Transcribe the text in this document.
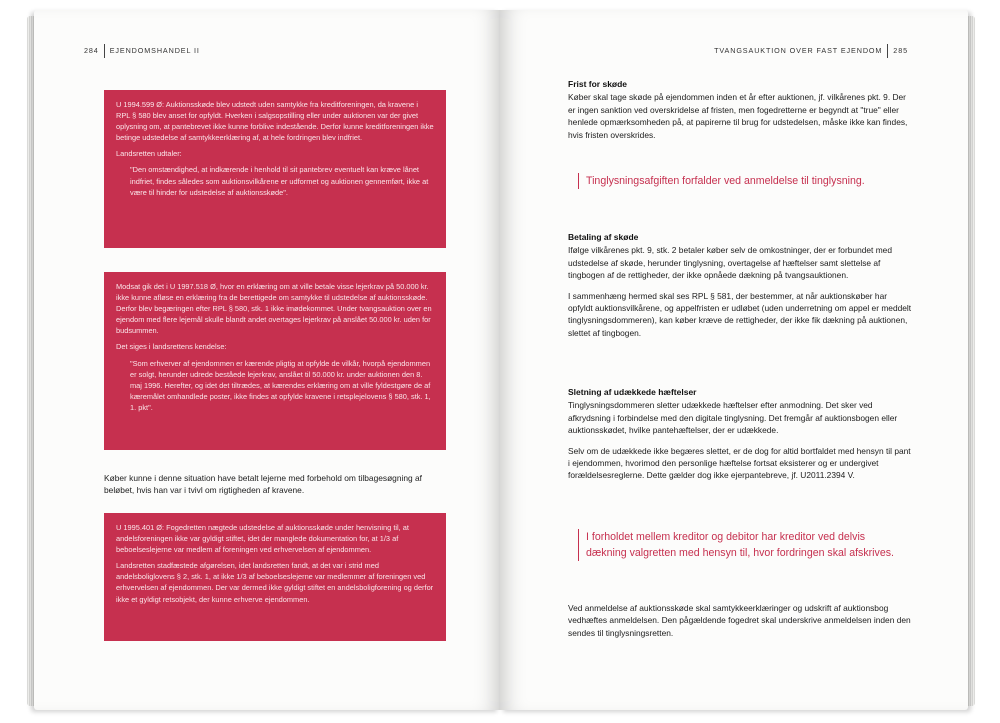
284 EJENDOMSHANDEL II

U 1994.599 Ø: Auktionsskøde blev udstedt uden samtykke fra kreditforeningen, da kravene i RPL § 580 blev anset for opfyldt. Hverken i salgsopstilling eller under auktionen var der givet oplysning om, at pantebrevet ikke kunne forblive indestående. Derfor kunne kreditforeningen ikke betinge udstedelse af samtykkeerklæring af, at hele fordringen blev indfriet.

Landsretten udtaler:

"Den omstændighed, at indkærende i henhold til sit pantebrev eventuelt kan kræve lånet indfriet, findes således som auktionsvilkårene er udformet og auktionen gennemført, ikke at være til hinder for udstedelse af auktionsskøde".

Modsat gik det i U 1997.518 Ø, hvor en erklæring om at ville betale visse lejerkrav på 50.000 kr. ikke kunne afløse en erklæring fra de berettigede om samtykke til udstedelse af auktionsskøde. Derfor blev begæringen efter RPL § 580, stk. 1 ikke imødekommet. Under tvangsauktion over en ejendom med flere lejemål skulle blandt andet overtages lejerkrav på anslået 50.000 kr. uden for budsummen.

Det siges i landsrettens kendelse:

"Som erhverver af ejendommen er kærende pligtig at opfylde de vilkår, hvorpå ejendommen er solgt, herunder udrede beståede lejerkrav, anslået til 50.000 kr. under auktionen den 8. maj 1996. Herefter, og idet det tiltrædes, at kærendes erklæring om at ville fyldestgøre de af kæremålet omhandlede poster, ikke findes at opfylde kravene i retsplejelovens § 580, stk. 1, 1. pkt".

Køber kunne i denne situation have betalt lejerne med forbehold om tilbagesøgning af beløbet, hvis han var i tvivl om rigtigheden af kravene.

U 1995.401 Ø: Fogedretten nægtede udstedelse af auktionsskøde under henvisning til, at andelsforeningen ikke var gyldigt stiftet, idet der manglede dokumentation for, at 1/3 af beboelseslejerne var medlem af foreningen ved erhvervelsen af ejendommen.

Landsretten stadfæstede afgørelsen, idet landsretten fandt, at det var i strid med andelsboliglovens § 2, stk. 1, at ikke 1/3 af beboelseslejerne var medlemmer af foreningen ved erhvervelsen af ejendommen. Der var dermed ikke gyldigt stiftet en andelsboligforening og derfor ikke et gyldigt retsobjekt, der kunne erhverve ejendommen.

TVANGSAUKTION OVER FAST EJENDOM 285
Frist for skøde

Køber skal tage skøde på ejendommen inden et år efter auktionen, jf. vilkårenes pkt. 9. Der er ingen sanktion ved overskridelse af fristen, men fogedretterne er begyndt at "true" eller henlede opmærksomheden på, at papirerne til brug for udstedelsen, måske ikke kan findes, hvis fristen overskrides.

Tinglysningsafgiften forfalder ved anmeldelse til tinglysning.
Betaling af skøde

Ifølge vilkårenes pkt. 9, stk. 2 betaler køber selv de omkostninger, der er forbundet med udstedelse af skøde, herunder tinglysning, overtagelse af hæftelser samt slettelse af tingbogen af de rettigheder, der ikke opnåede dækning på tvangsauktionen.

I sammenhæng hermed skal ses RPL § 581, der bestemmer, at når auktionskøber har opfyldt auktionsvilkårene, og appelfristen er udløbet (uden underretning om appel er meddelt tinglysningsdommeren), kan køber kræve de rettigheder, der ikke fik dækning på auktionen, slettet af tingbogen.

Sletning af udækkede hæftelser

Tinglysningsdommeren sletter udækkede hæftelser efter anmodning. Det sker ved afkrydsning i forbindelse med den digitale tinglysning. Det fremgår af auktionsbogen eller auktionsskødet, hvilke pantehæftelser, der er udækkede.

Selv om de udækkede ikke begæres slettet, er de dog for altid bortfaldet med hensyn til pant i ejendommen, hvorimod den personlige hæftelse fortsat eksisterer og er undergivet forældelsesreglerne. Dette gælder dog ikke ejerpantebreve, jf. U2011.2394 V.

I forholdet mellem kreditor og debitor har kreditor ved delvis dækning valgretten med hensyn til, hvor fordringen skal afskrives.

Ved anmeldelse af auktionsskøde skal samtykkeerklæringer og udskrift af auktionsbog vedhæftes anmeldelsen. Den pågældende fogedret skal underskrive anmeldelsen inden den sendes til tinglysningsretten.
